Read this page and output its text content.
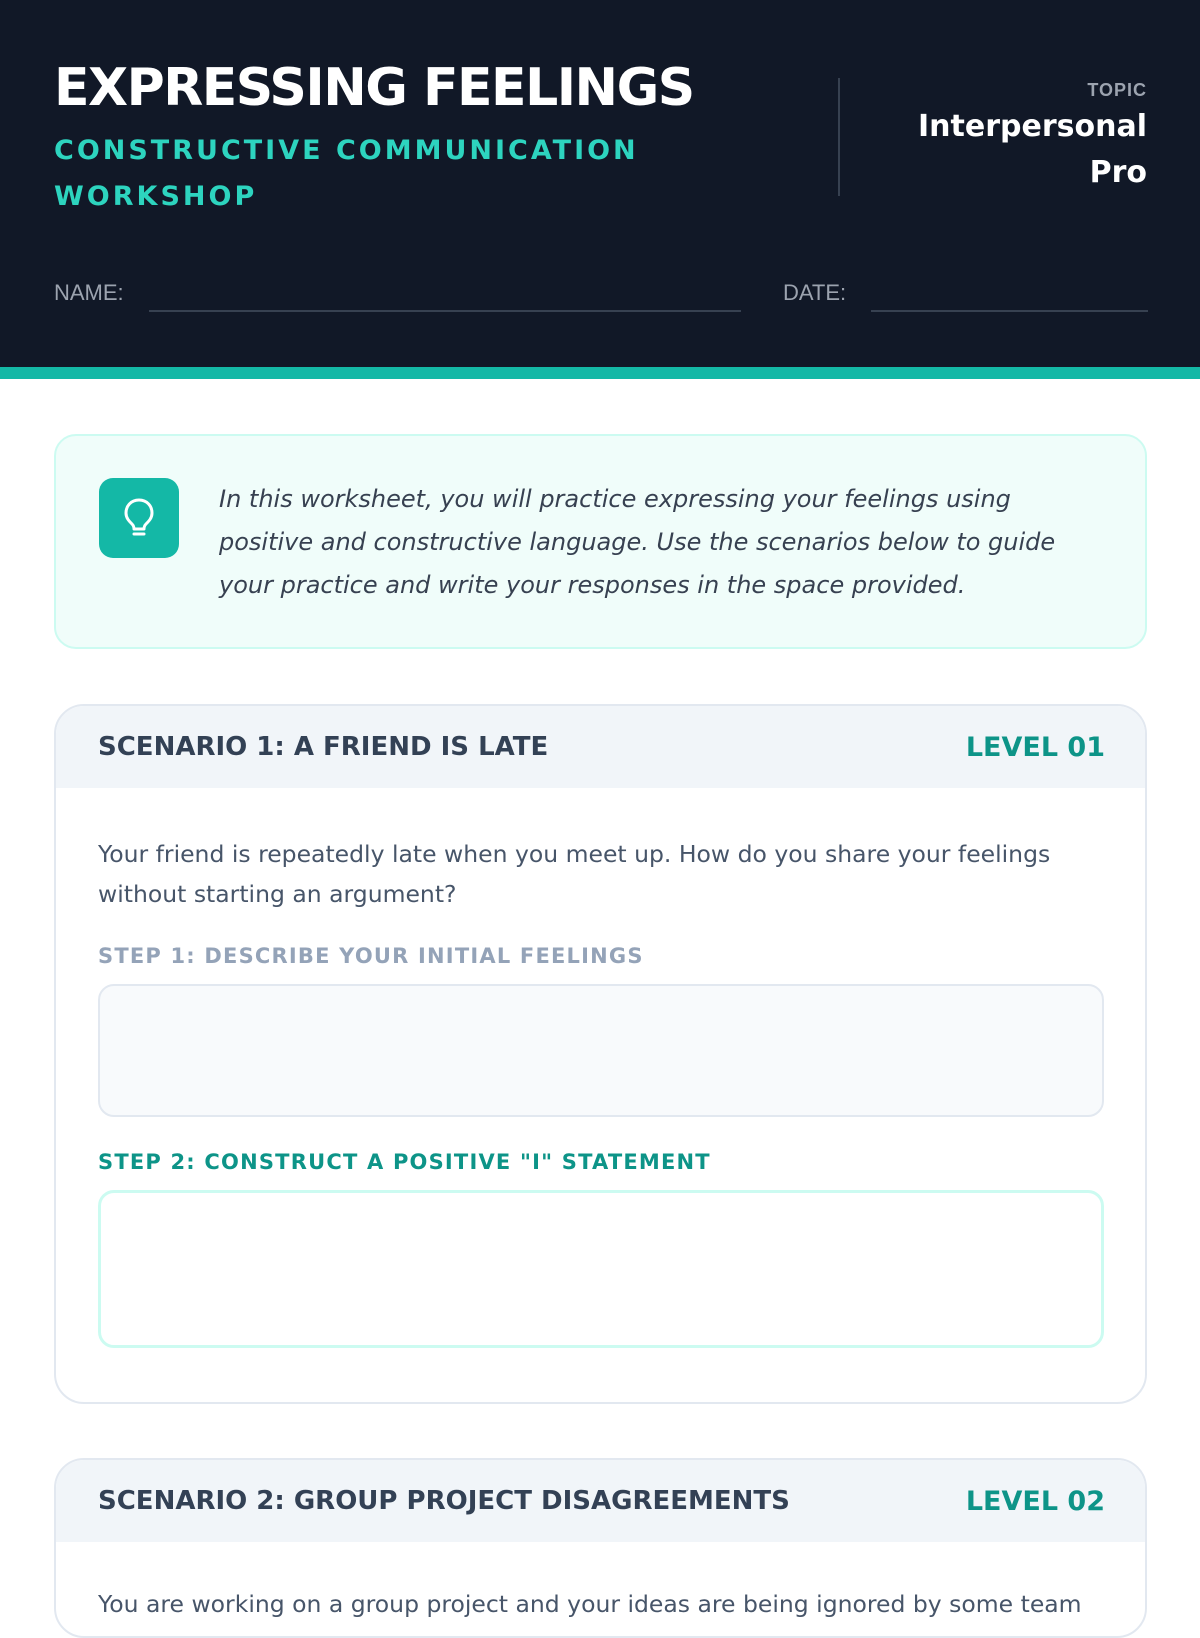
EXPRESSING FEELINGS
CONSTRUCTIVE COMMUNICATION WORKSHOP
TOPIC
Interpersonal Pro
NAME:	DATE:
In this worksheet, you will practice expressing your feelings using positive and constructive language. Use the scenarios below to guide your practice and write your responses in the space provided.
SCENARIO 1: A FRIEND IS LATE	LEVEL 01
Your friend is repeatedly late when you meet up. How do you share your feelings without starting an argument?
STEP 1: DESCRIBE YOUR INITIAL FEELINGS
STEP 2: CONSTRUCT A POSITIVE "I" STATEMENT
SCENARIO 2: GROUP PROJECT DISAGREEMENTS	LEVEL 02
You are working on a group project and your ideas are being ignored by some team
